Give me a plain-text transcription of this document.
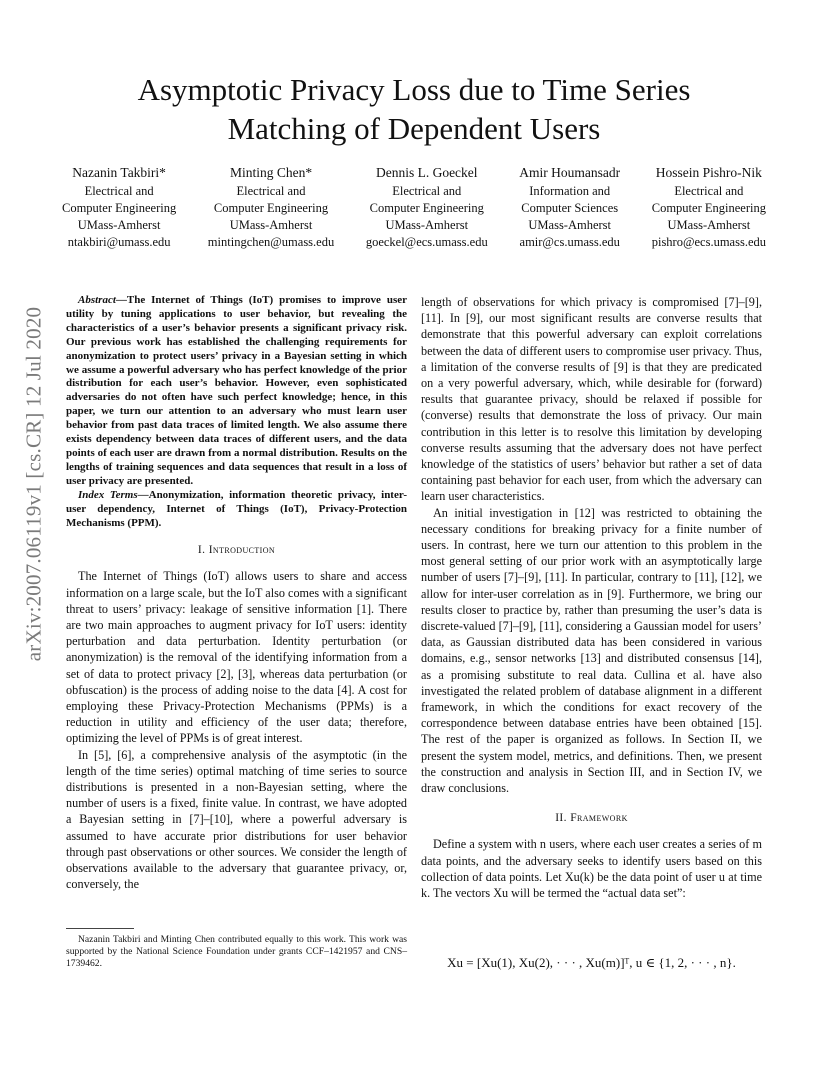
Asymptotic Privacy Loss due to Time Series
Matching of Dependent Users
Nazanin Takbiri*
Electrical and
Computer Engineering
UMass-Amherst
ntakbiri@umass.edu
Minting Chen*
Electrical and
Computer Engineering
UMass-Amherst
mintingchen@umass.edu
Dennis L. Goeckel
Electrical and
Computer Engineering
UMass-Amherst
goeckel@ecs.umass.edu
Amir Houmansadr
Information and
Computer Sciences
UMass-Amherst
amir@cs.umass.edu
Hossein Pishro-Nik
Electrical and
Computer Engineering
UMass-Amherst
pishro@ecs.umass.edu
arXiv:2007.06119v1 [cs.CR] 12 Jul 2020

Abstract—The Internet of Things (IoT) promises to improve user utility by tuning applications to user behavior, but revealing the characteristics of a user’s behavior presents a significant privacy risk. Our previous work has established the challenging requirements for anonymization to protect users’ privacy in a Bayesian setting in which we assume a powerful adversary who has perfect knowledge of the prior distribution for each user’s behavior. However, even sophisticated adversaries do not often have such perfect knowledge; hence, in this paper, we turn our attention to an adversary who must learn user behavior from past data traces of limited length. We also assume there exists dependency between data traces of different users, and the data points of each user are drawn from a normal distribution. Results on the lengths of training sequences and data sequences that result in a loss of user privacy are presented.

Index Terms—Anonymization, information theoretic privacy, inter-user dependency, Internet of Things (IoT), Privacy-Protection Mechanisms (PPM).

I. Introduction

The Internet of Things (IoT) allows users to share and access information on a large scale, but the IoT also comes with a significant threat to users’ privacy: leakage of sensitive information [1]. There are two main approaches to augment privacy for IoT users: identity perturbation and data perturbation. Identity perturbation (or anonymization) is the removal of the identifying information from a set of data to protect privacy [2], [3], whereas data perturbation (or obfuscation) is the process of adding noise to the data [4]. A cost for employing these Privacy-Protection Mechanisms (PPMs) is a reduction in utility and efficiency of the user data; therefore, optimizing the level of PPMs is of great interest.

In [5], [6], a comprehensive analysis of the asymptotic (in the length of the time series) optimal matching of time series to source distributions is presented in a non-Bayesian setting, where the number of users is a fixed, finite value. In contrast, we have adopted a Bayesian setting in [7]–[10], where a powerful adversary is assumed to have accurate prior distributions for user behavior through past observations or other sources. We consider the length of observations available to the adversary that guarantee privacy, or, conversely, the

Nazanin Takbiri and Minting Chen contributed equally to this work. This work was supported by the National Science Foundation under grants CCF–1421957 and CNS–1739462.

length of observations for which privacy is compromised [7]–[9], [11]. In [9], our most significant results are converse results that demonstrate that this powerful adversary can exploit correlations between the data of different users to compromise user privacy. Thus, a limitation of the converse results of [9] is that they are predicated on a very powerful adversary, which, while desirable for (forward) results that guarantee privacy, should be relaxed if possible for (converse) results that demonstrate the loss of privacy. Our main contribution in this letter is to resolve this limitation by developing converse results assuming that the adversary does not have perfect knowledge of the statistics of users’ behavior but rather a set of data containing past behavior for each user, from which the adversary can learn user characteristics.

An initial investigation in [12] was restricted to obtaining the necessary conditions for breaking privacy for a finite number of users. In contrast, here we turn our attention to this problem in the most general setting of our prior work with an asymptotically large number of users [7]–[9], [11]. In particular, contrary to [11], [12], we allow for inter-user correlation as in [9]. Furthermore, we bring our results closer to practice by, rather than presuming the user’s data is discrete-valued [7]–[9], [11], considering a Gaussian model for users’ data, as Gaussian distributed data has been considered in various domains, e.g., sensor networks [13] and distributed consensus [14], as a promising substitute to real data. Cullina et al. have also investigated the related problem of database alignment in a different framework, in which the conditions for exact recovery of the correspondence between database entries have been obtained [15]. The rest of the paper is organized as follows. In Section II, we present the system model, metrics, and definitions. Then, we present the construction and analysis in Section III, and in Section IV, we draw conclusions.

II. Framework

Define a system with n users, where each user creates a series of m data points, and the adversary seeks to identify users based on this collection of data points. Let Xu(k) be the data point of user u at time k. The vectors Xu will be termed the “actual data set”:

Xu = [Xu(1), Xu(2), · · · , Xu(m)]ᵀ, u ∈ {1, 2, · · · , n}.
